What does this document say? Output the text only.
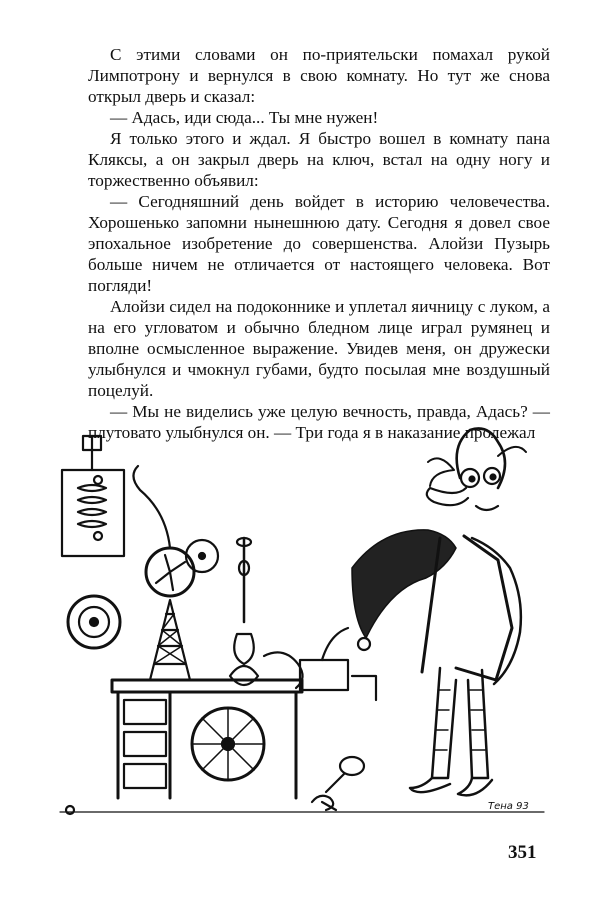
С этими словами он по-приятельски помахал рукой Лимпотрону и вернулся в свою комнату. Но тут же снова открыл дверь и сказал:

— Адась, иди сюда... Ты мне нужен!

Я только этого и ждал. Я быстро вошел в комнату пана Кляксы, а он закрыл дверь на ключ, встал на одну ногу и торжественно объявил:

— Сегодняшний день войдет в историю человечества. Хорошенько запомни нынешнюю дату. Сегодня я довел свое эпохальное изобретение до совершенства. Алойзи Пузырь больше ничем не отличается от настоящего человека. Вот погляди!

Алойзи сидел на подоконнике и уплетал яичницу с луком, а на его угловатом и обычно бледном лице играл румянец и вполне осмысленное выражение. Увидев меня, он дружески улыбнулся и чмокнул губами, будто посылая мне воздушный поцелуй.

— Мы не виделись уже целую вечность, правда, Адась? — плутовато улыбнулся он. — Три года я в наказание пролежал

Тена 93
351
